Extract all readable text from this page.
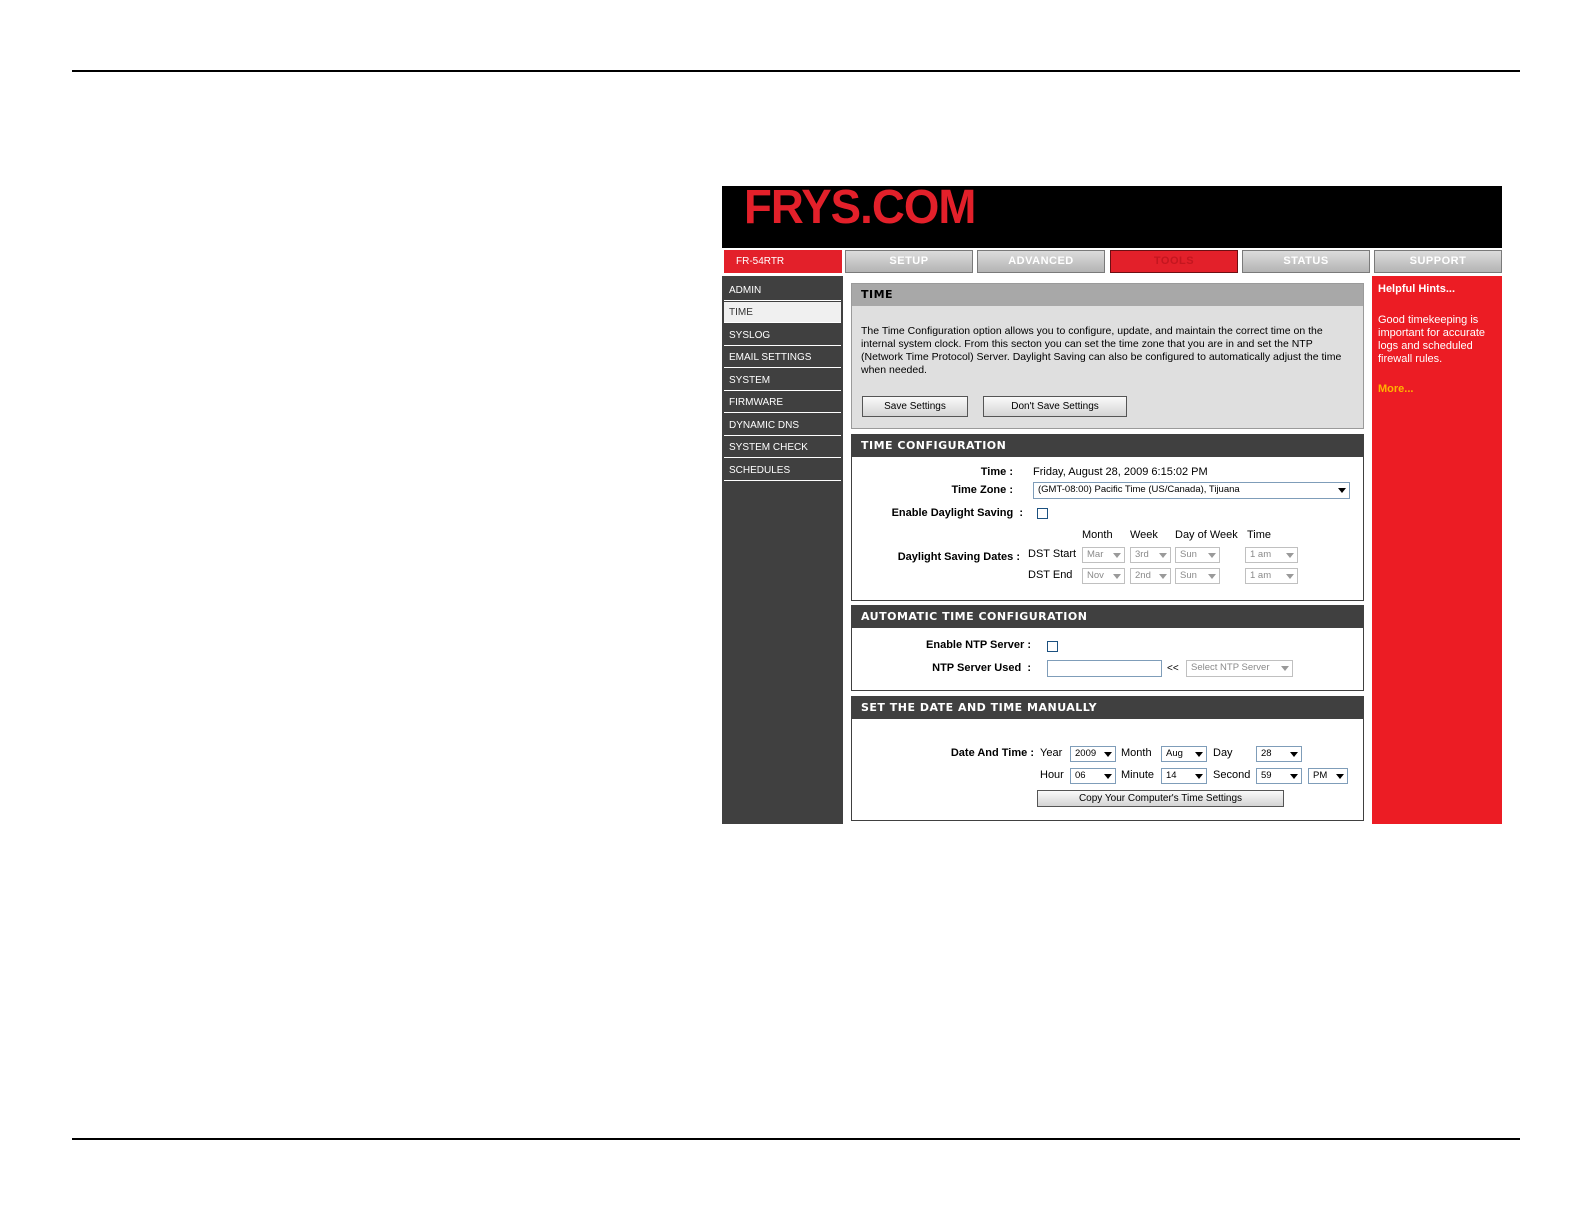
FRYS.COM
FR-54RTR	SETUP	ADVANCED	TOOLS	STATUS	SUPPORT
ADMIN
TIME
SYSLOG
EMAIL SETTINGS
SYSTEM
FIRMWARE
DYNAMIC DNS
SYSTEM CHECK
SCHEDULES
TIME
The Time Configuration option allows you to configure, update, and maintain the correct time on the internal system clock. From this secton you can set the time zone that you are in and set the NTP (Network Time Protocol) Server. Daylight Saving can also be configured to automatically adjust the time when needed.
Save Settings	Don't Save Settings
TIME CONFIGURATION
Time : Friday, August 28, 2009 6:15:02 PM
Time Zone :	(GMT-08:00) Pacific Time (US/Canada), Tijuana
Enable Daylight Saving  :
Month Week Day of Week Time
Daylight Saving Dates : DST Start	Mar	3rd	Sun	1 am
DST End	Nov	2nd	Sun	1 am
AUTOMATIC TIME CONFIGURATION
Enable NTP Server :
NTP Server Used  :	<<	Select NTP Server
SET THE DATE AND TIME MANUALLY
Date And Time : Year	2009	Month	Aug	Day	28
Hour	06	Minute	14	Second	59	PM
Copy Your Computer's Time Settings
Helpful Hints...
Good timekeeping is important for accurate logs and scheduled firewall rules.
More...
